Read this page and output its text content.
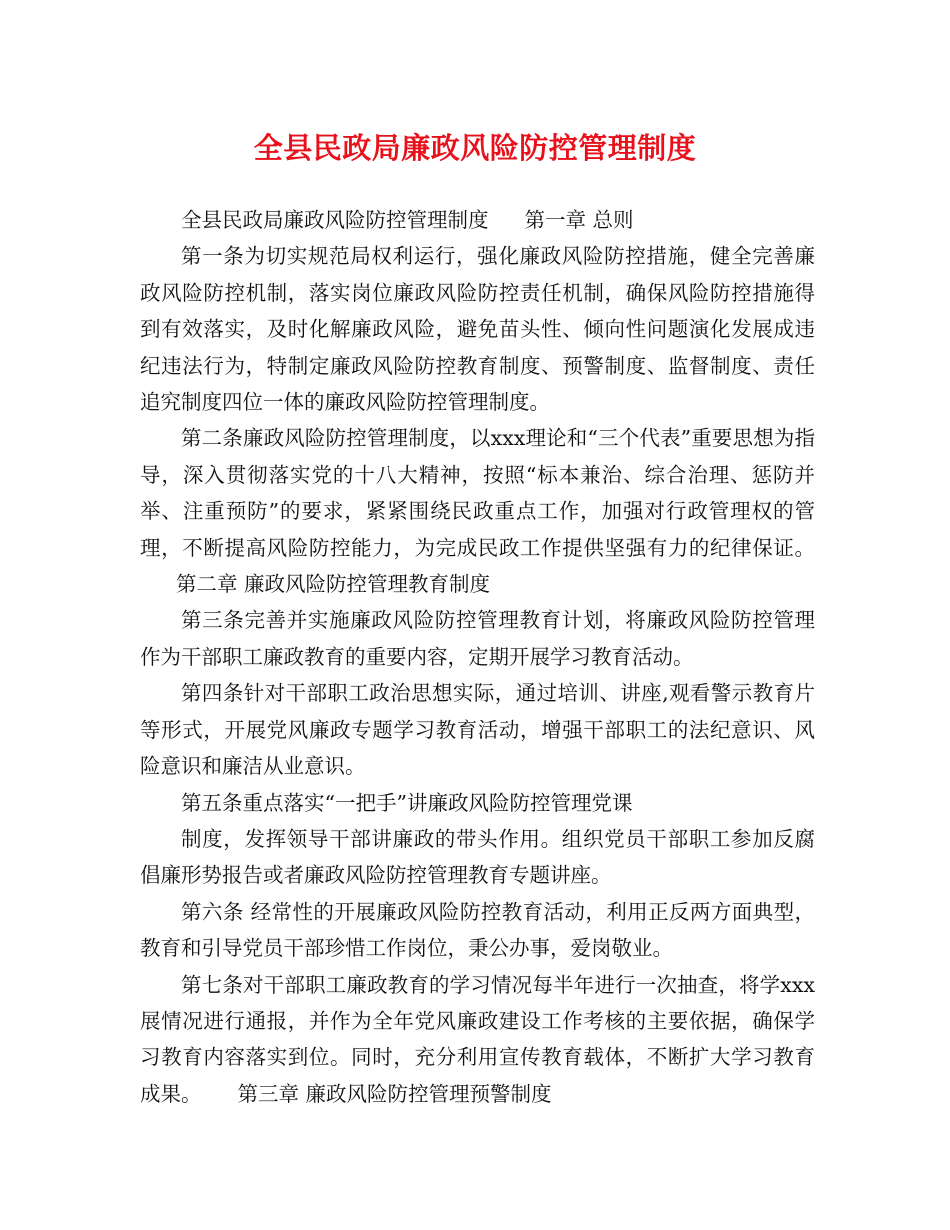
全县民政局廉政风险防控管理制度

全县民政局廉政风险防控管理制度 第一章 总则

第一条为切实规范局权利运行，强化廉政风险防控措施，健全完善廉政风险防控机制，落实岗位廉政风险防控责任机制，确保风险防控措施得到有效落实，及时化解廉政风险，避免苗头性、倾向性问题演化发展成违纪违法行为，特制定廉政风险防控教育制度、预警制度、监督制度、责任追究制度四位一体的廉政风险防控管理制度。

第二条廉政风险防控管理制度，以xxx理论和“三个代表”重要思想为指导，深入贯彻落实党的十八大精神，按照“标本兼治、综合治理、惩防并举、注重预防”的要求，紧紧围绕民政重点工作，加强对行政管理权的管理，不断提高风险防控能力，为完成民政工作提供坚强有力的纪律保证。第二章 廉政风险防控管理教育制度

第三条完善并实施廉政风险防控管理教育计划，将廉政风险防控管理作为干部职工廉政教育的重要内容，定期开展学习教育活动。

第四条针对干部职工政治思想实际，通过培训、讲座,观看警示教育片等形式，开展党风廉政专题学习教育活动，增强干部职工的法纪意识、风险意识和廉洁从业意识。

第五条重点落实“一把手”讲廉政风险防控管理党课

制度，发挥领导干部讲廉政的带头作用。组织党员干部职工参加反腐倡廉形势报告或者廉政风险防控管理教育专题讲座。

第六条 经常性的开展廉政风险防控教育活动，利用正反两方面典型，教育和引导党员干部珍惜工作岗位，秉公办事，爱岗敬业。

第七条对干部职工廉政教育的学习情况每半年进行一次抽查，将学xxx展情况进行通报，并作为全年党风廉政建设工作考核的主要依据，确保学习教育内容落实到位。同时，充分利用宣传教育载体，不断扩大学习教育成果。 第三章 廉政风险防控管理预警制度
